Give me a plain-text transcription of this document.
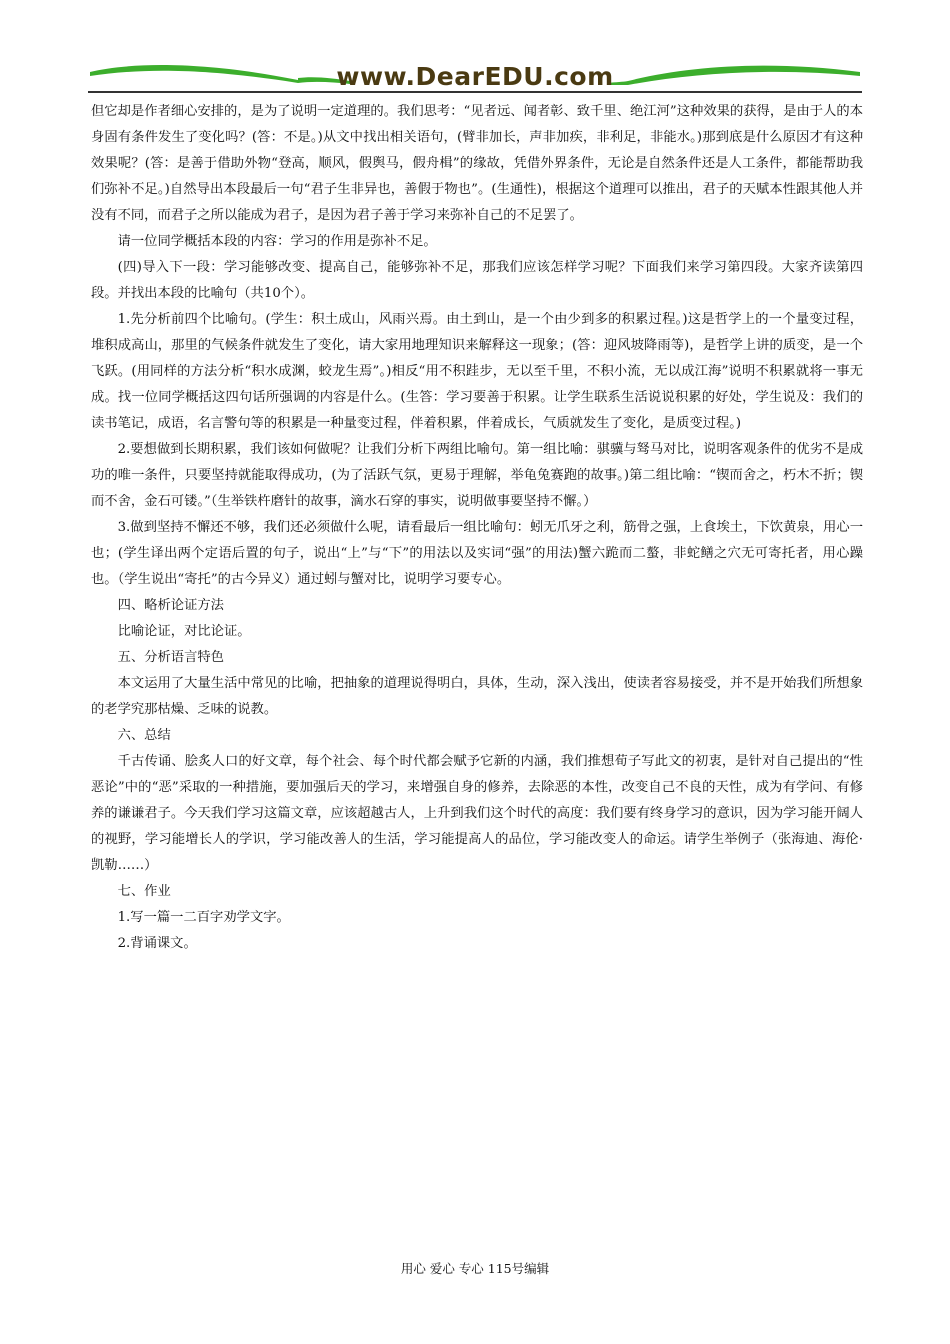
www.DearEDU.com

但它却是作者细心安排的，是为了说明一定道理的。我们思考：“见者远、闻者彰、致千里、绝江河”这种效果的获得，是由于人的本身固有条件发生了变化吗？(答：不是。)从文中找出相关语句，(臂非加长，声非加疾，非利足，非能水。)那到底是什么原因才有这种效果呢？(答：是善于借助外物“登高，顺风，假舆马，假舟楫”的缘故，凭借外界条件，无论是自然条件还是人工条件，都能帮助我们弥补不足。)自然导出本段最后一句“君子生非异也，善假于物也”。(生通性)，根据这个道理可以推出，君子的天赋本性跟其他人并没有不同，而君子之所以能成为君子，是因为君子善于学习来弥补自己的不足罢了。

请一位同学概括本段的内容：学习的作用是弥补不足。

(四)导入下一段：学习能够改变、提高自己，能够弥补不足，那我们应该怎样学习呢？下面我们来学习第四段。大家齐读第四段。并找出本段的比喻句（共10个）。

1.先分析前四个比喻句。(学生：积土成山，风雨兴焉。由土到山，是一个由少到多的积累过程。)这是哲学上的一个量变过程，堆积成高山，那里的气候条件就发生了变化，请大家用地理知识来解释这一现象；(答：迎风坡降雨等)，是哲学上讲的质变，是一个飞跃。(用同样的方法分析“积水成渊，蛟龙生焉”。)相反“用不积跬步，无以至千里，不积小流，无以成江海”说明不积累就将一事无成。找一位同学概括这四句话所强调的内容是什么。(生答：学习要善于积累。让学生联系生活说说积累的好处，学生说及：我们的读书笔记，成语，名言警句等的积累是一种量变过程，伴着积累，伴着成长，气质就发生了变化，是质变过程。)

2.要想做到长期积累，我们该如何做呢？让我们分析下两组比喻句。第一组比喻：骐骥与驽马对比，说明客观条件的优劣不是成功的唯一条件，只要坚持就能取得成功，(为了活跃气氛，更易于理解，举龟兔赛跑的故事。)第二组比喻：“锲而舍之，朽木不折；锲而不舍，金石可镂。”（生举铁杵磨针的故事，滴水石穿的事实，说明做事要坚持不懈。）

3.做到坚持不懈还不够，我们还必须做什么呢，请看最后一组比喻句：蚓无爪牙之利，筋骨之强，上食埃土，下饮黄泉，用心一也；(学生译出两个定语后置的句子，说出“上”与“下”的用法以及实词“强”的用法)蟹六跪而二螯，非蛇鳝之穴无可寄托者，用心躁也。（学生说出“寄托”的古今异义）通过蚓与蟹对比，说明学习要专心。

四、略析论证方法

比喻论证，对比论证。

五、分析语言特色

本文运用了大量生活中常见的比喻，把抽象的道理说得明白，具体，生动，深入浅出，使读者容易接受，并不是开始我们所想象的老学究那枯燥、乏味的说教。

六、总结

千古传诵、脍炙人口的好文章，每个社会、每个时代都会赋予它新的内涵，我们推想荀子写此文的初衷，是针对自己提出的“性恶论”中的“恶”采取的一种措施，要加强后天的学习，来增强自身的修养，去除恶的本性，改变自己不良的天性，成为有学问、有修养的谦谦君子。今天我们学习这篇文章，应该超越古人，上升到我们这个时代的高度：我们要有终身学习的意识，因为学习能开阔人的视野，学习能增长人的学识，学习能改善人的生活，学习能提高人的品位，学习能改变人的命运。请学生举例子（张海迪、海伦·凯勒……）

七、作业

1.写一篇一二百字劝学文字。

2.背诵课文。

用心 爱心 专心 115号编辑
